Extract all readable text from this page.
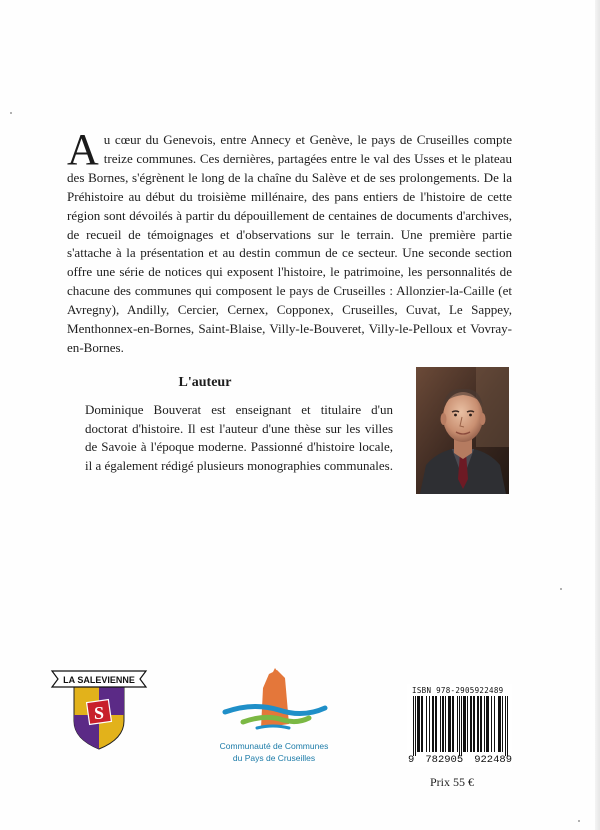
Au cœur du Genevois, entre Annecy et Genève, le pays de Cruseilles compte treize communes. Ces dernières, partagées entre le val des Usses et le plateau des Bornes, s'égrènent le long de la chaîne du Salève et de ses prolongements. De la Préhistoire au début du troisième millénaire, des pans entiers de l'histoire de cette région sont dévoilés à partir du dépouillement de centaines de documents d'archives, de recueil de témoignages et d'observations sur le terrain. Une première partie s'attache à la présentation et au destin commun de ce secteur. Une seconde section offre une série de notices qui exposent l'histoire, le patrimoine, les personnalités de chacune des communes qui composent le pays de Cruseilles : Allonzier-la-Caille (et Avregny), Andilly, Cercier, Cernex, Copponex, Cruseilles, Cuvat, Le Sappey, Menthonnex-en-Bornes, Saint-Blaise, Villy-le-Bouveret, Villy-le-Pelloux et Vovray-en-Bornes.

L'auteur

Dominique Bouverat est enseignant et titulaire d'un doctorat d'histoire. Il est l'auteur d'une thèse sur les villes de Savoie à l'époque moderne. Passionné d'histoire locale, il a également rédigé plusieurs monographies communales.

S
LA SALEVIENNE
Communauté de Communes
du Pays de Cruseilles
ISBN 978-2905922489
9 782905 922489
Prix 55 €
